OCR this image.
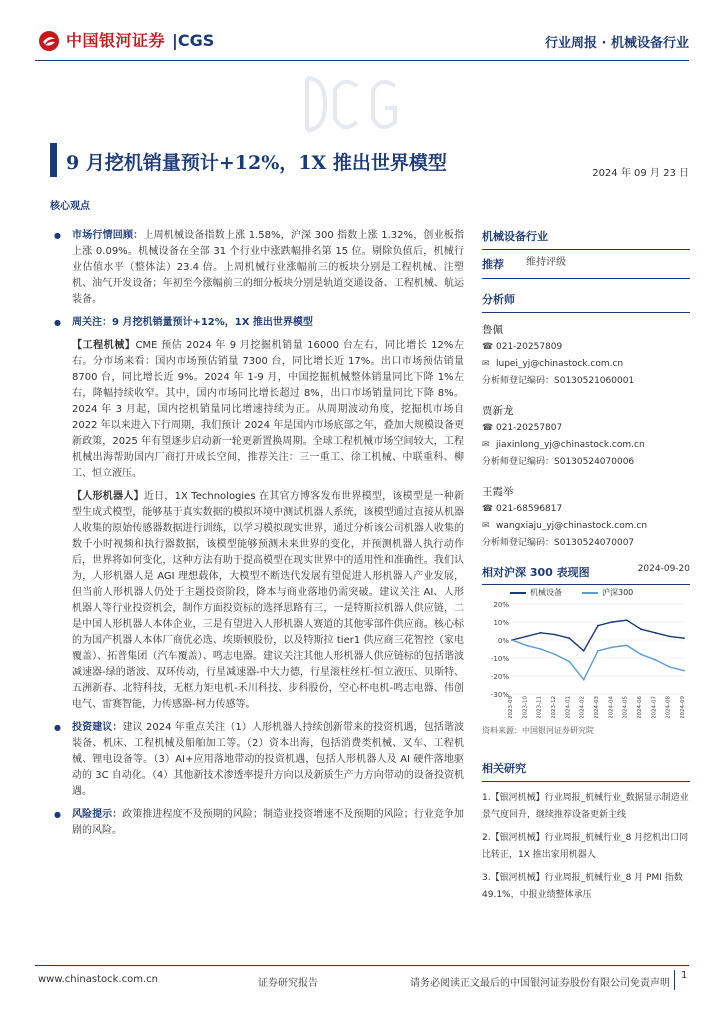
中国银河证券 |CGS	行业周报 · 机械设备行业
9 月挖机销量预计+12%，1X 推出世界模型	2024 年 09 月 23 日
核心观点

● 市场行情回顾：上周机械设备指数上涨 1.58%，沪深 300 指数上涨 1.32%，创业板指上涨 0.09%。机械设备在全部 31 个行业中涨跌幅排名第 15 位。剔除负值后，机械行业估值水平（整体法）23.4 倍。上周机械行业涨幅前三的板块分别是工程机械、注塑机、油气开发设备；年初至今涨幅前三的细分板块分别是轨道交通设备、工程机械、航运装备。

● 周关注：9 月挖机销量预计+12%，1X 推出世界模型

【工程机械】CME 预估 2024 年 9 月挖掘机销量 16000 台左右，同比增长 12%左右。分市场来看：国内市场预估销量 7300 台，同比增长近 17%。出口市场预估销量 8700 台，同比增长近 9%。2024 年 1-9 月，中国挖掘机械整体销量同比下降 1%左右，降幅持续收窄。其中，国内市场同比增长超过 8%，出口市场销量同比下降 8%。2024 年 3 月起，国内挖机销量同比增速持续为正。从周期波动角度，挖掘机市场自 2022 年以来进入下行周期，我们预计 2024 年是国内市场底部之年，叠加大规模设备更新政策，2025 年有望逐步启动新一轮更新置换周期。全球工程机械市场空间较大，工程机械出海帮助国内厂商打开成长空间，推荐关注：三一重工、徐工机械、中联重科、柳工、恒立液压。

【人形机器人】近日，1X Technologies 在其官方博客发布世界模型，该模型是一种新型生成式模型，能够基于真实数据的模拟环境中测试机器人系统，该模型通过直接从机器人收集的原始传感器数据进行训练，以学习模拟现实世界，通过分析该公司机器人收集的数千小时视频和执行器数据，该模型能够预测未来世界的变化，并预测机器人执行动作后，世界将如何变化，这种方法有助于提高模型在现实世界中的适用性和准确性。我们认为，人形机器人是 AGI 理想载体，大模型不断迭代发展有望促进人形机器人产业发展，但当前人形机器人仍处于主题投资阶段，降本与商业落地仍需突破。建议关注 AI、人形机器人等行业投资机会，制作方面投资标的选择思路有三，一是特斯拉机器人供应链，二是中国人形机器人本体企业，三是有望进入人形机器人赛道的其他零部件供应商。核心标的为国产机器人本体厂商优必选、埃斯顿股份，以及特斯拉 tier1 供应商三花智控（家电覆盖）、拓普集团（汽车覆盖）、鸣志电器。建议关注其他人形机器人供应链标的包括谐波减速器-绿的谐波、双环传动，行星减速器-中大力德，行星滚柱丝杠-恒立液压、贝斯特、五洲新春、北特科技，无框力矩电机-禾川科技、步科股份，空心杯电机-鸣志电器、伟创电气、雷赛智能，力传感器-柯力传感等。

● 投资建议：建议 2024 年重点关注（1）人形机器人持续创新带来的投资机遇，包括谐波装备、机床、工程机械及船舶加工等。（2）资本出海，包括消费类机械、叉车、工程机械、锂电设备等。（3）AI+应用落地带动的投资机遇，包括人形机器人及 AI 硬件落地驱动的 3C 自动化。（4）其他新技术渗透率提升方向以及新质生产力方向带动的设备投资机遇。

● 风险提示：政策推进程度不及预期的风险；制造业投资增速不及预期的风险；行业竞争加剧的风险。

机械设备行业
推荐	维持评级
分析师
鲁佩
☎ 021-20257809
✉ lupei_yj@chinastock.com.cn
分析师登记编码：S0130521060001
贾新龙
☎ 021-20257807
✉ jiaxinlong_yj@chinastock.com.cn
分析师登记编码：S0130524070006
王霞举
☎ 021-68596817
✉ wangxiaju_yj@chinastock.com.cn
分析师登记编码：S0130524070007
相对沪深 300 表现图	2024-09-20
机械设备	沪深300
20%
10%
0%
-10%
-20%
-30%
2023-09 2023-10 2023-11 2023-12 2024-01 2024-02 2024-03 2024-04 2024-05 2024-06 2024-07 2024-08 2024-09
资料来源：中国银河证券研究院
相关研究

1.【银河机械】行业周报_机械行业_数据显示制造业景气度回升，继续推荐设备更新主线

2.【银河机械】行业周报_机械行业_8 月挖机出口同比转正，1X 推出家用机器人

3.【银河机械】行业周报_机械行业_8 月 PMI 指数 49.1%，中报业绩整体承压

www.chinastock.com.cn	证券研究报告	请务必阅读正文最后的中国银河证券股份有限公司免责声明
1
